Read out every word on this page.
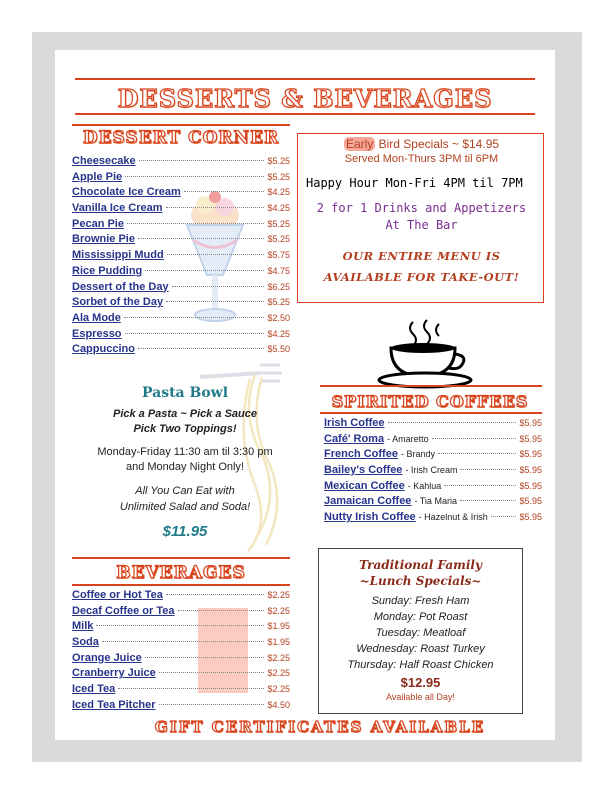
DESSERTS & BEVERAGES
DESSERT CORNER
Cheesecake	$5.25
Apple Pie	$5.25
Chocolate Ice Cream	$4.25
Vanilla Ice Cream	$4.25
Pecan Pie	$5.25
Brownie Pie	$5.25
Mississippi Mudd	$5.75
Rice Pudding	$4.75
Dessert of the Day	$6.25
Sorbet of the Day	$5.25
Ala Mode	$2.50
Espresso	$4.25
Cappuccino	$5.50
Early Bird Specials ~ $14.95
Served Mon-Thurs 3PM til 6PM
Happy Hour Mon-Fri 4PM til 7PM
2 for 1 Drinks and Appetizers
At The Bar
OUR ENTIRE MENU IS
AVAILABLE FOR TAKE-OUT!
Pasta Bowl
Pick a Pasta ~ Pick a Sauce
Pick Two Toppings!
Monday-Friday 11:30 am til 3:30 pm
and Monday Night Only!
All You Can Eat with
Unlimited Salad and Soda!
$11.95
SPIRITED COFFEES
Irish Coffee	$5.95
Café' Roma - Amaretto	$5.95
French Coffee - Brandy	$5.95
Bailey's Coffee - Irish Cream	$5.95
Mexican Coffee - Kahlua	$5.95
Jamaican Coffee - Tia Maria	$5.95
Nutty Irish Coffee - Hazelnut & Irish	$5.95
BEVERAGES
Coffee or Hot Tea	$2.25
Decaf Coffee or Tea	$2.25
Milk	$1.95
Soda	$1.95
Orange Juice	$2.25
Cranberry Juice	$2.25
Iced Tea	$2.25
Iced Tea Pitcher	$4.50
Traditional Family
~Lunch Specials~
Sunday: Fresh Ham
Monday: Pot Roast
Tuesday: Meatloaf
Wednesday: Roast Turkey
Thursday: Half Roast Chicken
$12.95
Available all Day!
GIFT CERTIFICATES AVAILABLE
